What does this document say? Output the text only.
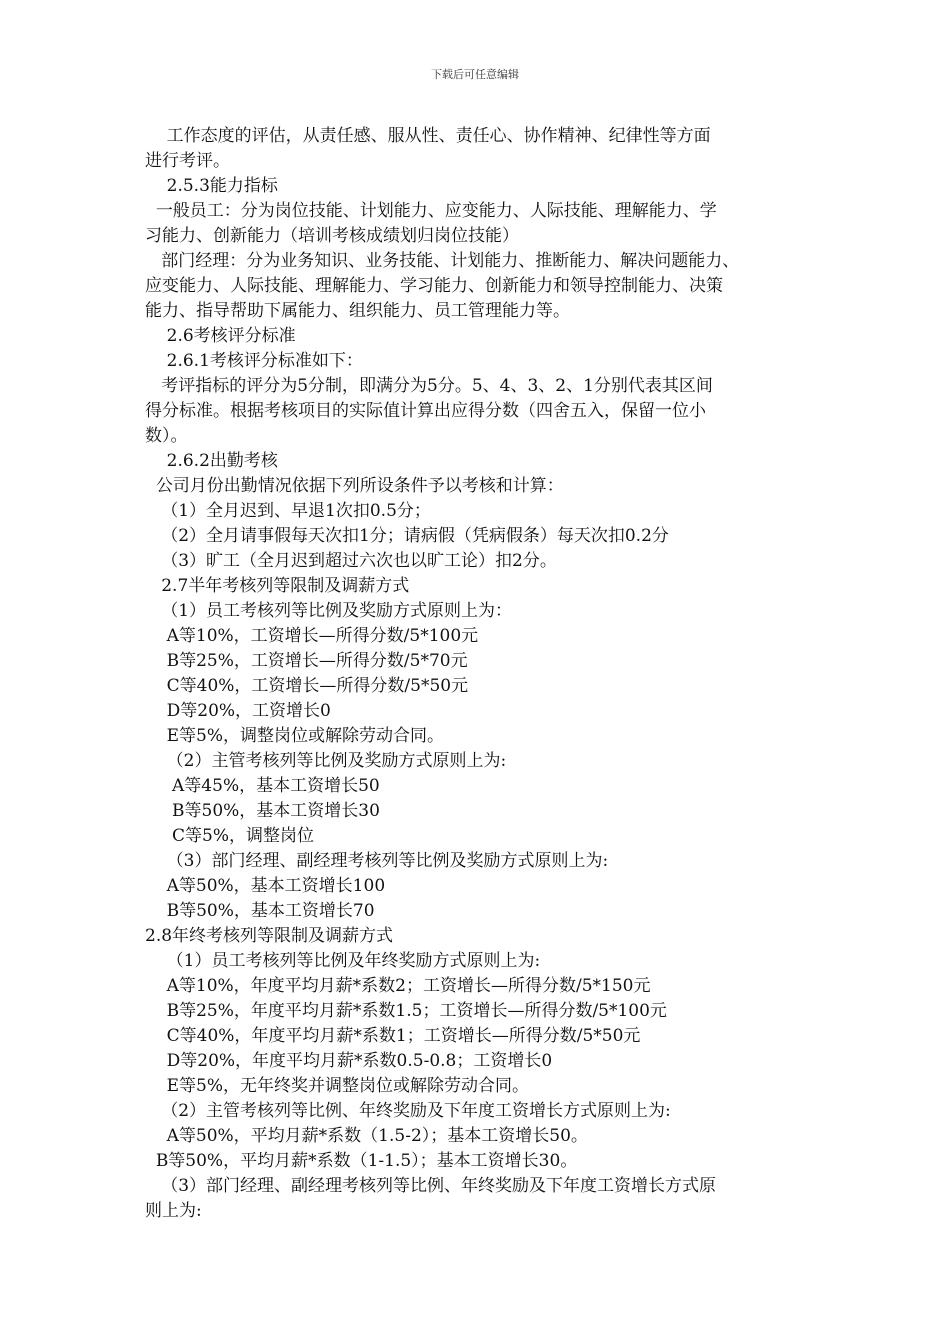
下载后可任意编辑

工作态度的评估，从责任感、服从性、责任心、协作精神、纪律性等方面

进行考评。

2.5.3能力指标

一般员工：分为岗位技能、计划能力、应变能力、人际技能、理解能力、学

习能力、创新能力（培训考核成绩划归岗位技能）

部门经理：分为业务知识、业务技能、计划能力、推断能力、解决问题能力、

应变能力、人际技能、理解能力、学习能力、创新能力和领导控制能力、决策

能力、指导帮助下属能力、组织能力、员工管理能力等。

2.6考核评分标准

2.6.1考核评分标准如下：

考评指标的评分为5分制，即满分为5分。5、4、3、2、1分别代表其区间

得分标准。根据考核项目的实际值计算出应得分数（四舍五入，保留一位小

数）。

2.6.2出勤考核

公司月份出勤情况依据下列所设条件予以考核和计算：

（1）全月迟到、早退1次扣0.5分；

（2）全月请事假每天次扣1分；请病假（凭病假条）每天次扣0.2分

（3）旷工（全月迟到超过六次也以旷工论）扣2分。

2.7半年考核列等限制及调薪方式

（1）员工考核列等比例及奖励方式原则上为：

A等10%，工资增长—所得分数/5*100元

B等25%，工资增长—所得分数/5*70元

C等40%，工资增长—所得分数/5*50元

D等20%，工资增长0

E等5%，调整岗位或解除劳动合同。

（2）主管考核列等比例及奖励方式原则上为:

A等45%，基本工资增长50

B等50%，基本工资增长30

C等5%，调整岗位

（3）部门经理、副经理考核列等比例及奖励方式原则上为:

A等50%，基本工资增长100

B等50%，基本工资增长70

2.8年终考核列等限制及调薪方式

（1）员工考核列等比例及年终奖励方式原则上为:

A等10%，年度平均月薪*系数2；工资增长—所得分数/5*150元

B等25%，年度平均月薪*系数1.5；工资增长—所得分数/5*100元

C等40%，年度平均月薪*系数1；工资增长—所得分数/5*50元

D等20%，年度平均月薪*系数0.5-0.8；工资增长0

E等5%，无年终奖并调整岗位或解除劳动合同。

（2）主管考核列等比例、年终奖励及下年度工资增长方式原则上为:

A等50%，平均月薪*系数（1.5-2）；基本工资增长50。

B等50%，平均月薪*系数（1-1.5）；基本工资增长30。

（3）部门经理、副经理考核列等比例、年终奖励及下年度工资增长方式原

则上为:
